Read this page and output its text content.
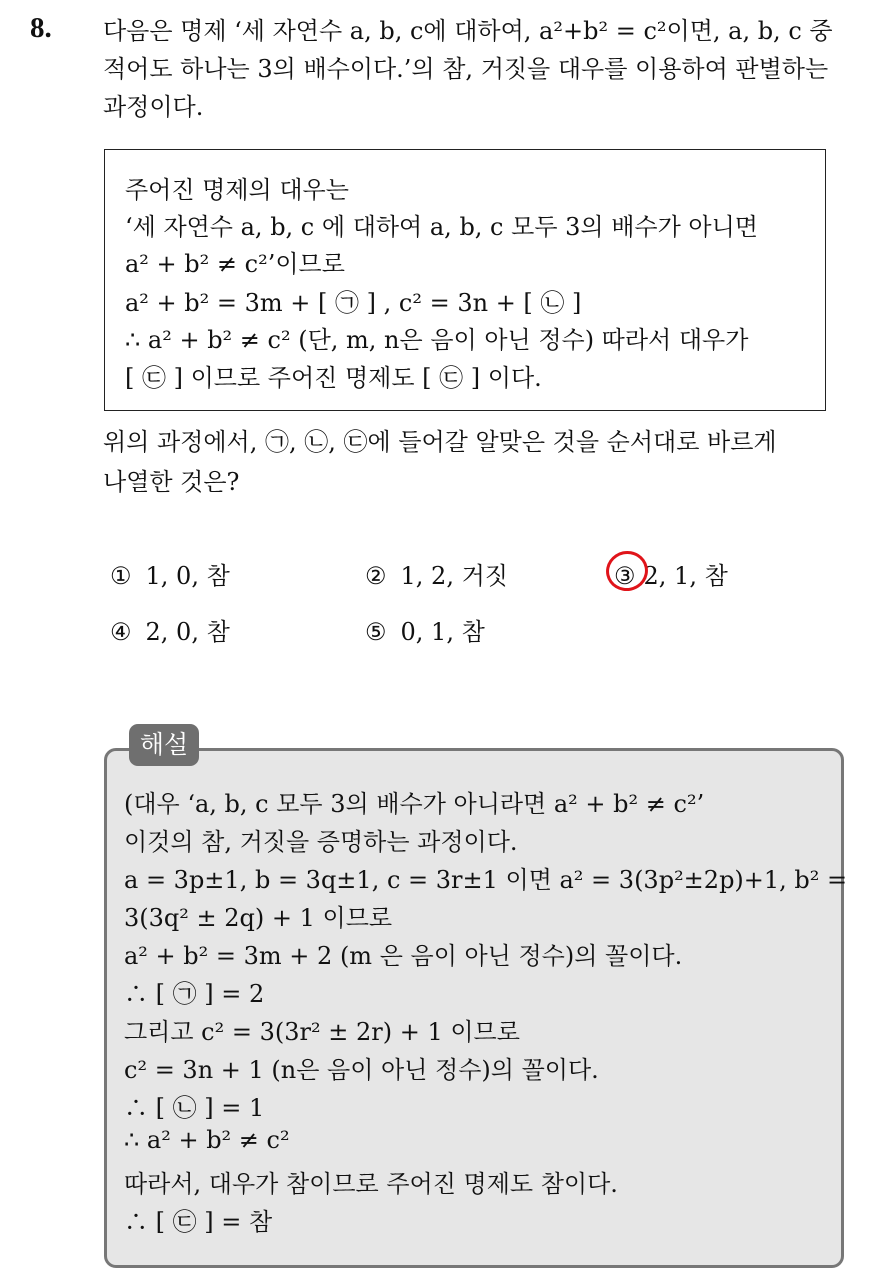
8. 다음은 명제 ‘세 자연수 a, b, c에 대하여, a²+b² = c²이면, a, b, c 중
적어도 하나는 3의 배수이다.’의 참, 거짓을 대우를 이용하여 판별하는
과정이다.
주어진 명제의 대우는
‘세 자연수 a, b, c 에 대하여 a, b, c 모두 3의 배수가 아니면
a² + b² ≠ c²’이므로
a² + b² = 3m + [ ㉠ ] , c² = 3n + [ ㉡ ]
∴ a² + b² ≠ c² (단, m, n은 음이 아닌 정수) 따라서 대우가
[ ㉢ ] 이므로 주어진 명제도 [ ㉢ ] 이다.
위의 과정에서, ㉠, ㉡, ㉢에 들어갈 알맞은 것을 순서대로 바르게
나열한 것은?
① 1, 0, 참	② 1, 2, 거짓	③ 2, 1, 참
④ 2, 0, 참	⑤ 0, 1, 참
해설
(대우 ‘a, b, c 모두 3의 배수가 아니라면 a² + b² ≠ c²’
이것의 참, 거짓을 증명하는 과정이다.
a = 3p±1, b = 3q±1, c = 3r±1 이면 a² = 3(3p²±2p)+1, b² =
3(3q² ± 2q) + 1 이므로
a² + b² = 3m + 2 (m 은 음이 아닌 정수)의 꼴이다.
∴ [ ㉠ ] = 2
그리고 c² = 3(3r² ± 2r) + 1 이므로
c² = 3n + 1 (n은 음이 아닌 정수)의 꼴이다.
∴ [ ㉡ ] = 1
∴ a² + b² ≠ c²
따라서, 대우가 참이므로 주어진 명제도 참이다.
∴ [ ㉢ ] = 참
